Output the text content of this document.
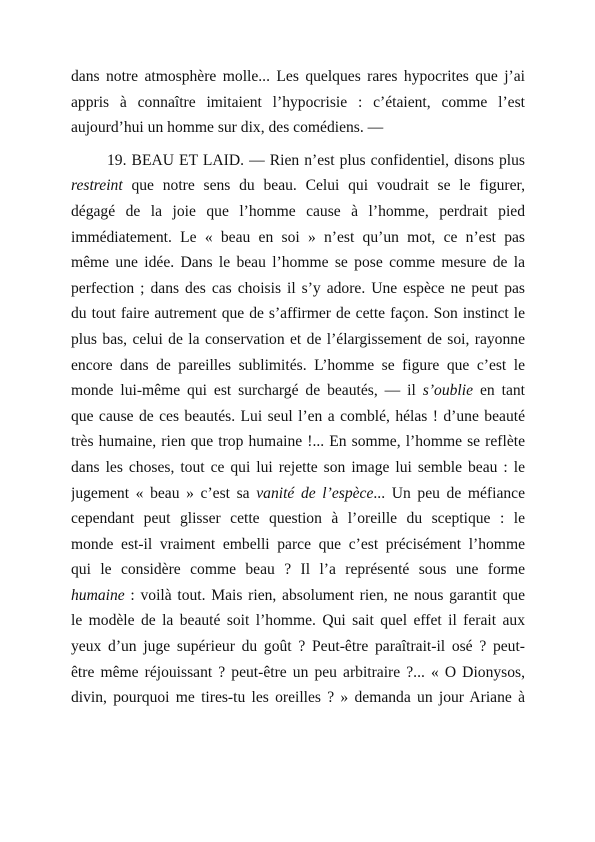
dans notre atmosphère molle... Les quelques rares hypocrites que j’ai
appris à connaître imitaient l’hypocrisie : c’étaient, comme l’est
aujourd’hui un homme sur dix, des comédiens. —
19. BEAU ET LAID. — Rien n’est plus confidentiel, disons plus
restreint que notre sens du beau. Celui qui voudrait se le figurer,
dégagé de la joie que l’homme cause à l’homme, perdrait pied
immédiatement. Le « beau en soi » n’est qu’un mot, ce n’est pas
même une idée. Dans le beau l’homme se pose comme mesure de la
perfection ; dans des cas choisis il s’y adore. Une espèce ne peut pas
du tout faire autrement que de s’affirmer de cette façon. Son instinct le
plus bas, celui de la conservation et de l’élargissement de soi, rayonne
encore dans de pareilles sublimités. L’homme se figure que c’est le
monde lui-même qui est surchargé de beautés, — il s’oublie en tant
que cause de ces beautés. Lui seul l’en a comblé, hélas ! d’une beauté
très humaine, rien que trop humaine !... En somme, l’homme se reflète
dans les choses, tout ce qui lui rejette son image lui semble beau : le
jugement « beau » c’est sa vanité de l’espèce... Un peu de méfiance
cependant peut glisser cette question à l’oreille du sceptique : le
monde est-il vraiment embelli parce que c’est précisément l’homme
qui le considère comme beau ? Il l’a représenté sous une forme
humaine : voilà tout. Mais rien, absolument rien, ne nous garantit que
le modèle de la beauté soit l’homme. Qui sait quel effet il ferait aux
yeux d’un juge supérieur du goût ? Peut-être paraîtrait-il osé ? peut-
être même réjouissant ? peut-être un peu arbitraire ?... « O Dionysos,
divin, pourquoi me tires-tu les oreilles ? » demanda un jour Ariane à
